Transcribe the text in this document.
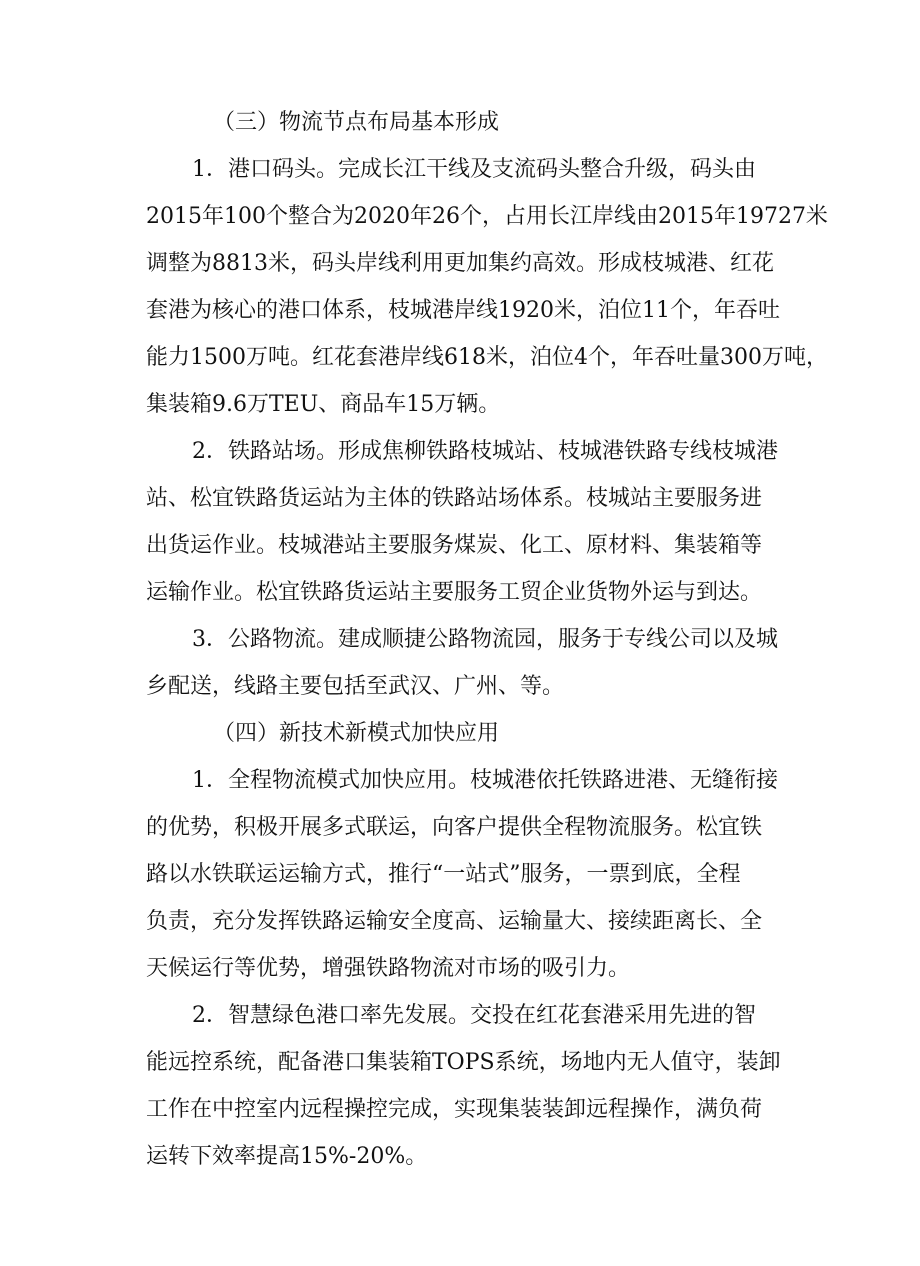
（三）物流节点布局基本形成
1．港口码头。完成长江干线及支流码头整合升级，码头由
2015年100个整合为2020年26个，占用长江岸线由2015年19727米
调整为8813米，码头岸线利用更加集约高效。形成枝城港、红花
套港为核心的港口体系，枝城港岸线1920米，泊位11个，年吞吐
能力1500万吨。红花套港岸线618米，泊位4个，年吞吐量300万吨，
集装箱9.6万TEU、商品车15万辆。
2．铁路站场。形成焦柳铁路枝城站、枝城港铁路专线枝城港
站、松宜铁路货运站为主体的铁路站场体系。枝城站主要服务进
出货运作业。枝城港站主要服务煤炭、化工、原材料、集装箱等
运输作业。松宜铁路货运站主要服务工贸企业货物外运与到达。
3．公路物流。建成顺捷公路物流园，服务于专线公司以及城
乡配送，线路主要包括至武汉、广州、等。
（四）新技术新模式加快应用
1．全程物流模式加快应用。枝城港依托铁路进港、无缝衔接
的优势，积极开展多式联运，向客户提供全程物流服务。松宜铁
路以水铁联运运输方式，推行“一站式”服务，一票到底，全程
负责，充分发挥铁路运输安全度高、运输量大、接续距离长、全
天候运行等优势，增强铁路物流对市场的吸引力。
2．智慧绿色港口率先发展。交投在红花套港采用先进的智
能远控系统，配备港口集装箱TOPS系统，场地内无人值守，装卸
工作在中控室内远程操控完成，实现集装装卸远程操作，满负荷
运转下效率提高15%-20%。
